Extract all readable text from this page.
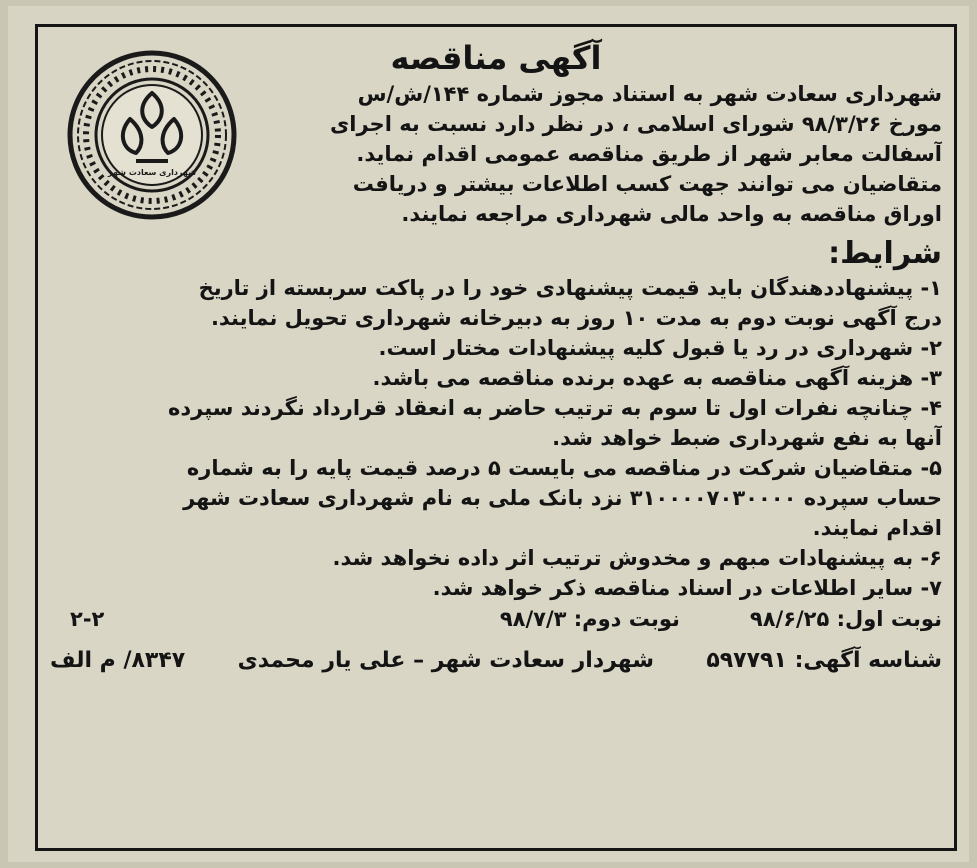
شهرداری سعادت شهر
آگهی مناقصه

شهرداری سعادت شهر به استناد مجوز شماره ۱۴۴/ش/س

مورخ ۹۸/۳/۲۶ شورای اسلامی ، در نظر دارد نسبت به اجرای

آسفالت معابر شهر از طریق مناقصه عمومی اقدام نماید.

متقاضیان می توانند جهت کسب اطلاعات بیشتر و دریافت

اوراق مناقصه به واحد مالی شهرداری مراجعه نمایند.

شرایط:

۱- پیشنهاددهندگان باید قیمت پیشنهادی خود را در پاکت سربسته از تاریخ

درج آگهی نوبت دوم به مدت ۱۰ روز به دبیرخانه شهرداری تحویل نمایند.

۲- شهرداری در رد یا قبول کلیه پیشنهادات مختار است.

۳- هزینه آگهی مناقصه به عهده برنده مناقصه می باشد.

۴- چنانچه نفرات اول تا سوم به ترتیب حاضر به انعقاد قرارداد نگردند سپرده

آنها به نفع شهرداری ضبط خواهد شد.

۵- متقاضیان شرکت در مناقصه می بایست ۵ درصد قیمت پایه را به شماره

حساب سپرده ۳۱۰۰۰۰۷۰۳۰۰۰۰ نزد بانک ملی به نام شهرداری سعادت شهر

اقدام نمایند.

۶- به پیشنهادات مبهم و مخدوش ترتیب اثر داده نخواهد شد.

۷- سایر اطلاعات در اسناد مناقصه ذکر خواهد شد.

نوبت اول: ۹۸/۶/۲۵
نوبت دوم: ۹۸/۷/۳
۲-۲
شناسه آگهی: ۵۹۷۷۹۱
شهردار سعادت شهر – علی یار محمدی
۸۳۴۷/ م الف
